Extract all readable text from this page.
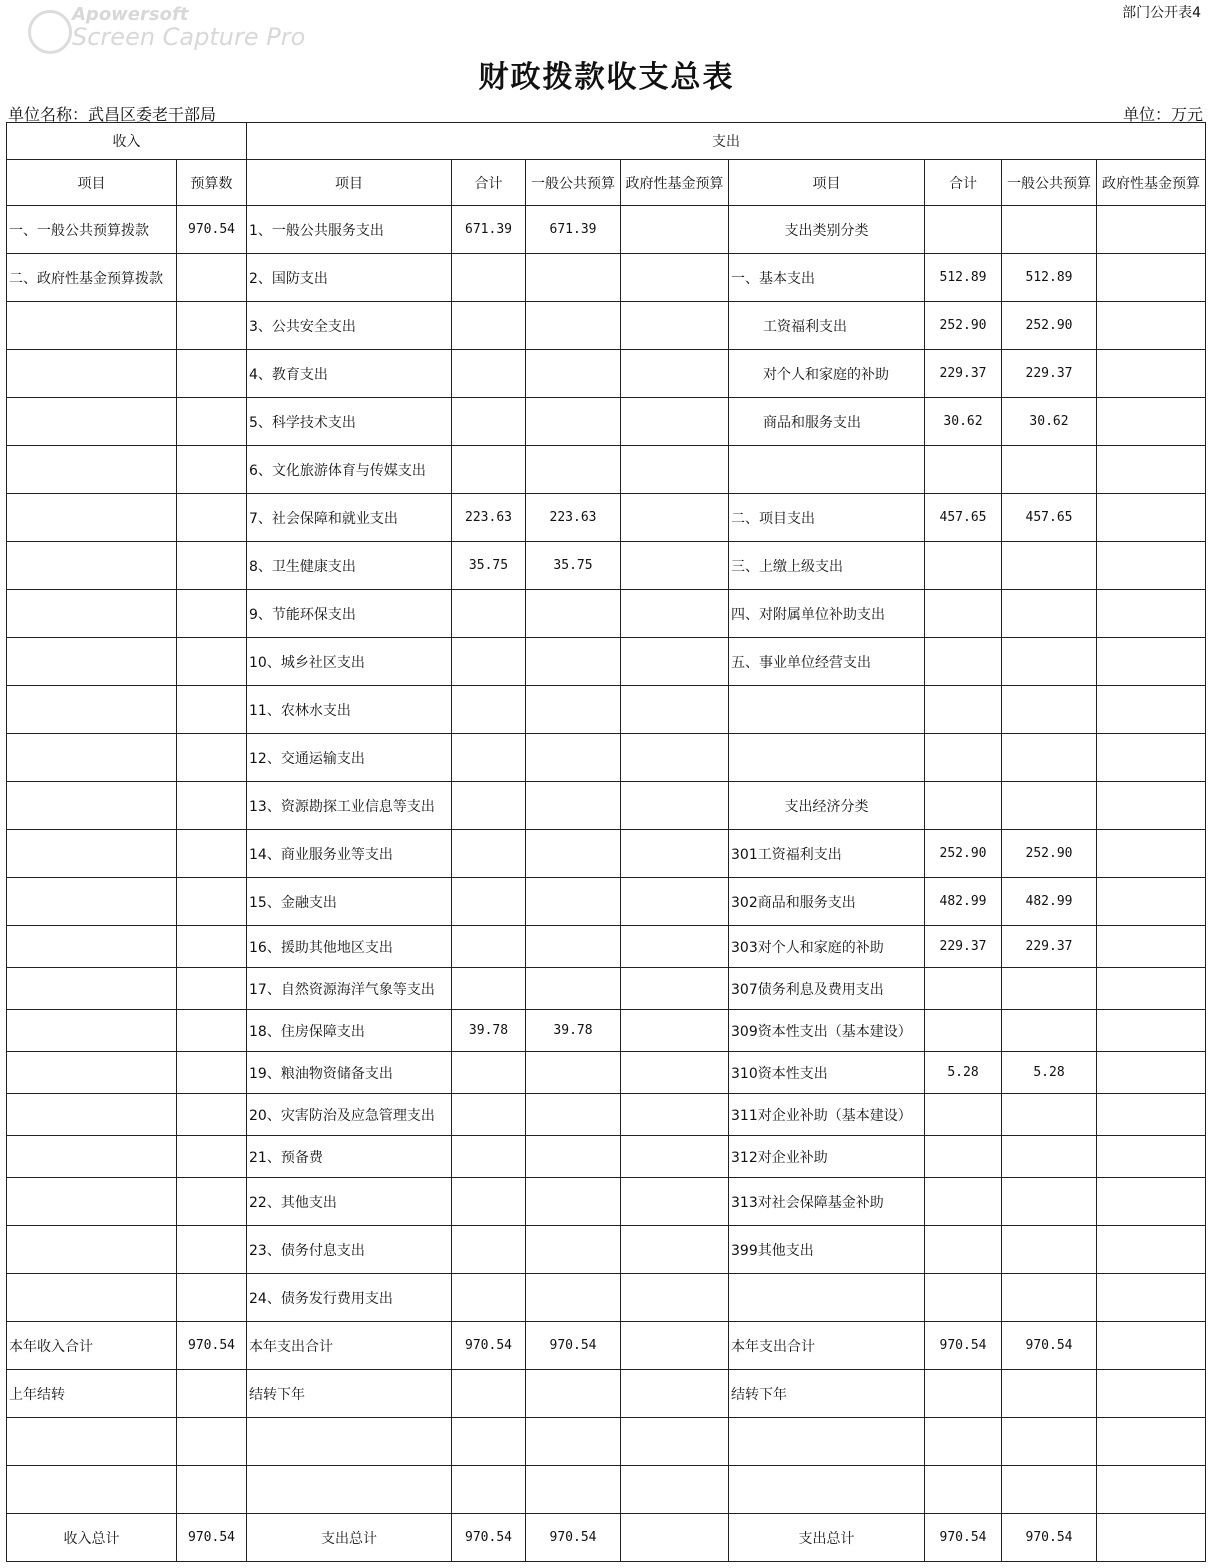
Apowersoft
Screen Capture Pro
部门公开表4
财政拨款收支总表
单位名称：武昌区委老干部局	单位：万元
收入		支出							
项目	预算数	项目	合计	一般公共预算	政府性基金预算	项目	合计	一般公共预算	政府性基金预算
一、一般公共预算拨款	970.54	1、一般公共服务支出	671.39	671.39		支出类别分类			
二、政府性基金预算拨款		2、国防支出				一、基本支出	512.89	512.89	
		3、公共安全支出				工资福利支出	252.90	252.90	
		4、教育支出				对个人和家庭的补助	229.37	229.37	
		5、科学技术支出				商品和服务支出	30.62	30.62	
		6、文化旅游体育与传媒支出							
		7、社会保障和就业支出	223.63	223.63		二、项目支出	457.65	457.65	
		8、卫生健康支出	35.75	35.75		三、上缴上级支出			
		9、节能环保支出				四、对附属单位补助支出			
		10、城乡社区支出				五、事业单位经营支出			
		11、农林水支出							
		12、交通运输支出							
		13、资源勘探工业信息等支出				支出经济分类			
		14、商业服务业等支出				301工资福利支出	252.90	252.90	
		15、金融支出				302商品和服务支出	482.99	482.99	
		16、援助其他地区支出				303对个人和家庭的补助	229.37	229.37	
		17、自然资源海洋气象等支出				307债务利息及费用支出			
		18、住房保障支出	39.78	39.78		309资本性支出（基本建设）			
		19、粮油物资储备支出				310资本性支出	5.28	5.28	
		20、灾害防治及应急管理支出				311对企业补助（基本建设）			
		21、预备费				312对企业补助			
		22、其他支出				313对社会保障基金补助			
		23、债务付息支出				399其他支出			
		24、债务发行费用支出							
本年收入合计	970.54	本年支出合计	970.54	970.54		本年支出合计	970.54	970.54	
上年结转		结转下年				结转下年			

收入总计	970.54	支出总计	970.54	970.54		支出总计	970.54	970.54	
